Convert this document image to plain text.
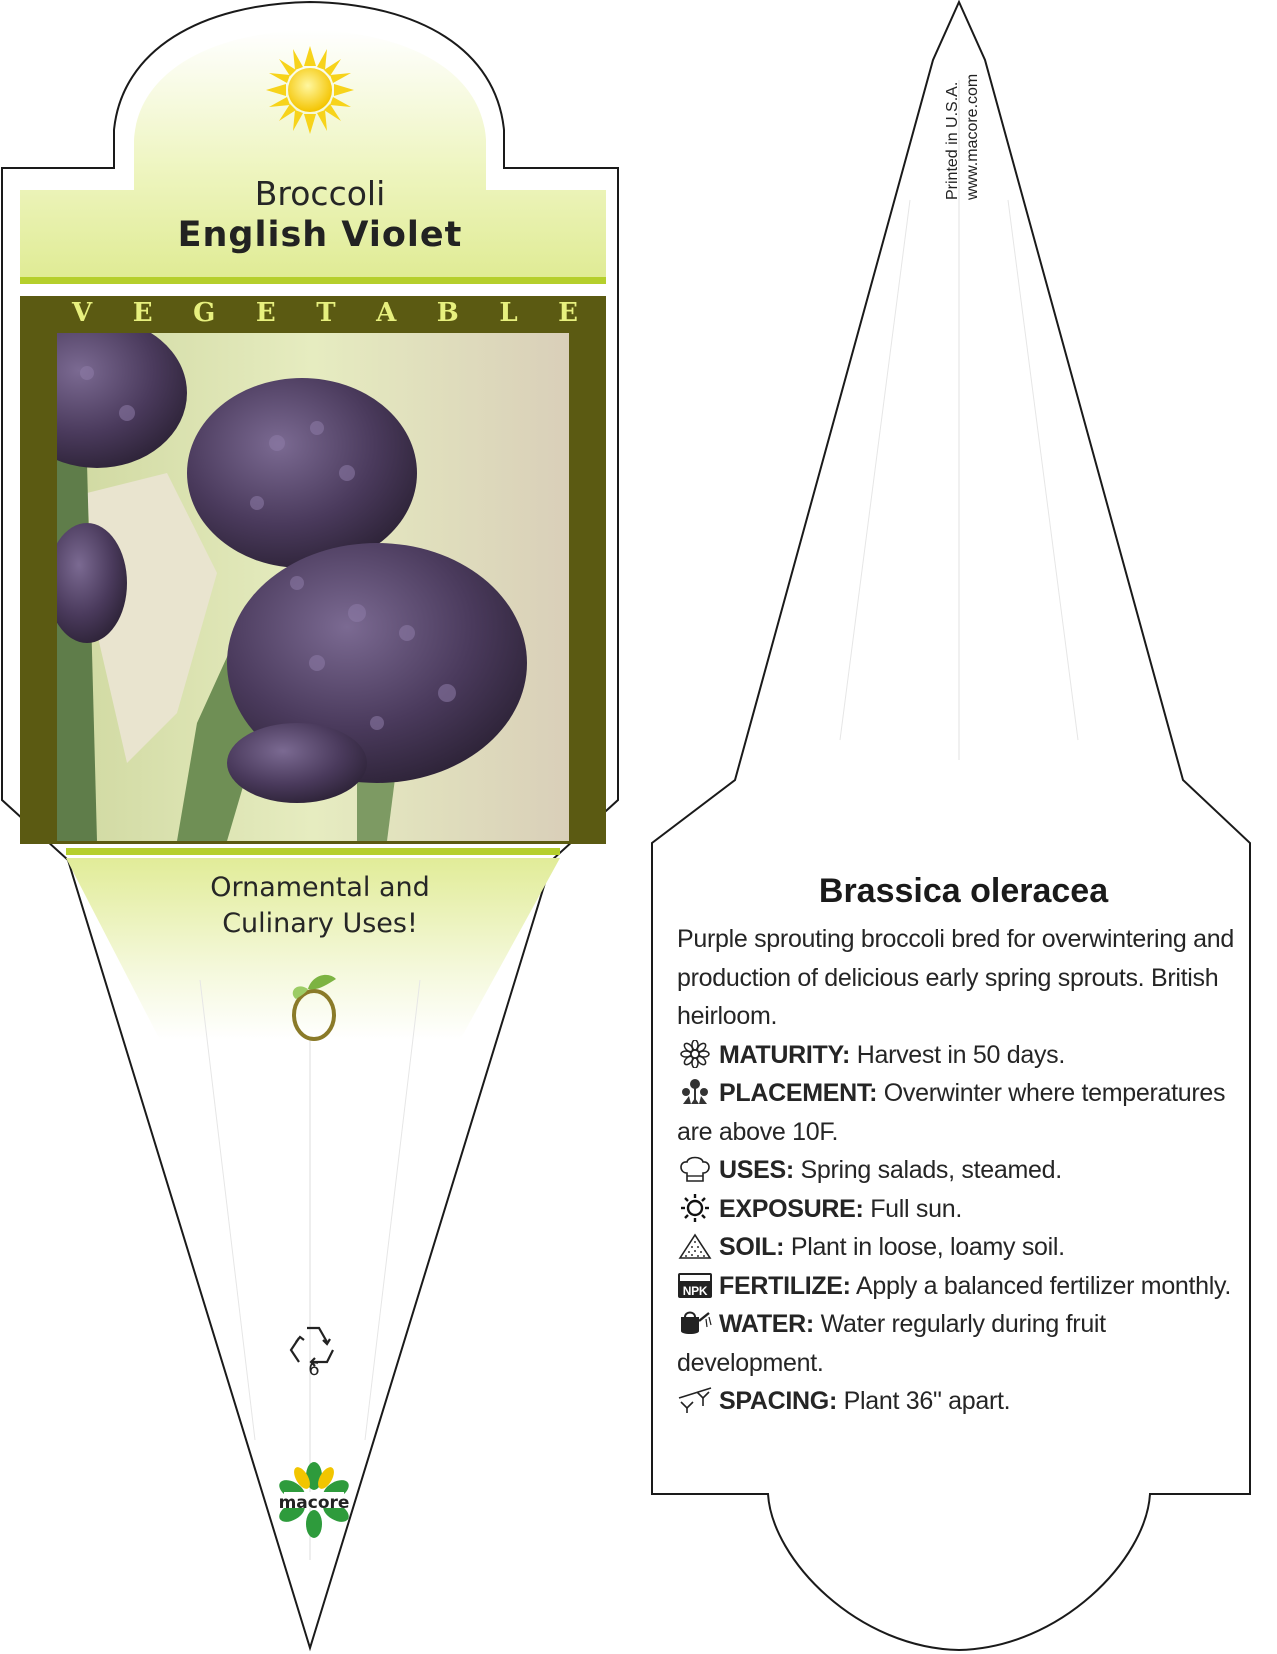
Broccoli
English Violet
V E G E T A B L E
Ornamental and
Culinary Uses!
6
macore
Printed in U.S.A. www.macore.com
Brassica oleracea

Purple sprouting broccoli bred for overwintering and production of delicious early spring sprouts. British heirloom.

MATURITY: Harvest in 50 days.

PLACEMENT: Overwinter where temperatures are above 10F.

USES: Spring salads, steamed.

EXPOSURE: Full sun.

SOIL: Plant in loose, loamy soil.

NPK FERTILIZE: Apply a balanced fertilizer monthly.

WATER: Water regularly during fruit development.

SPACING: Plant 36" apart.
